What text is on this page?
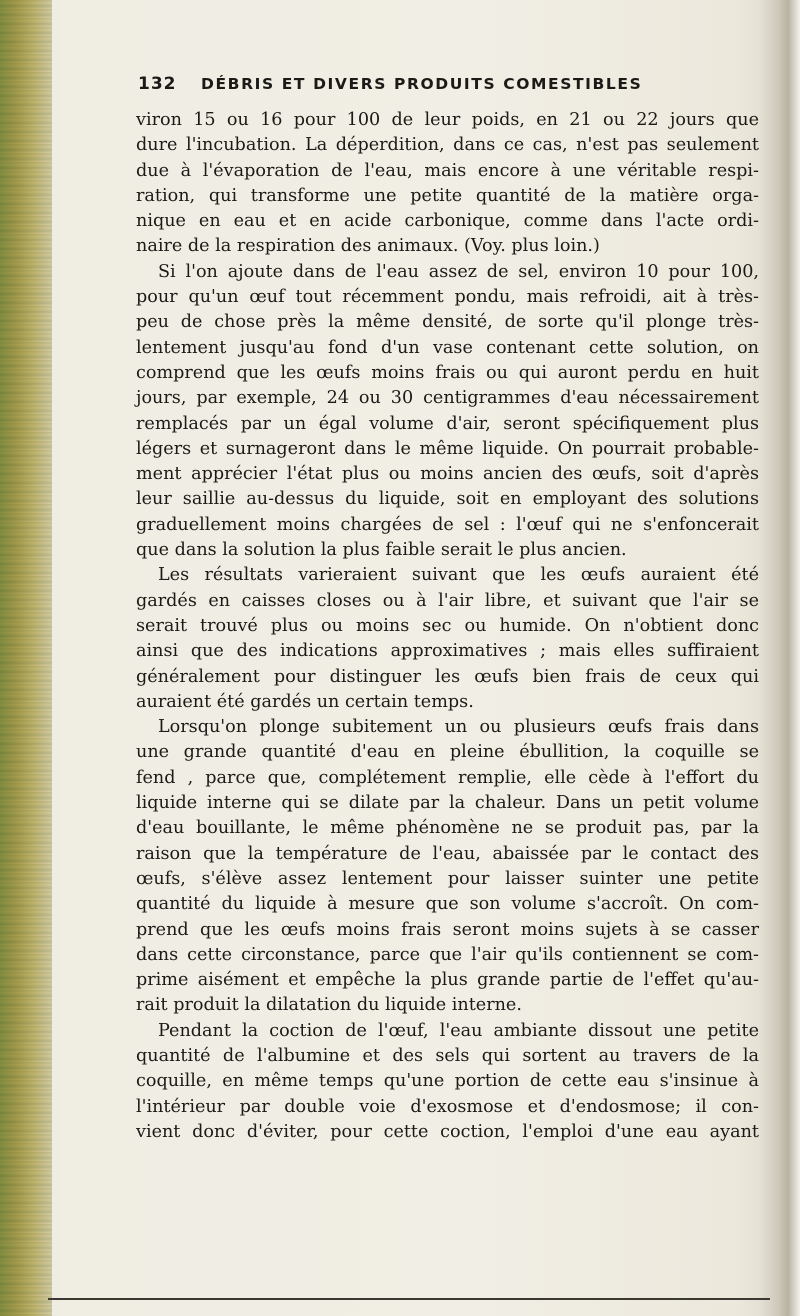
132 DÉBRIS ET DIVERS PRODUITS COMESTIBLES
viron 15 ou 16 pour 100 de leur poids, en 21 ou 22 jours que
dure l'incubation. La déperdition, dans ce cas, n'est pas seulement
due à l'évaporation de l'eau, mais encore à une véritable respi-
ration, qui transforme une petite quantité de la matière orga-
nique en eau et en acide carbonique, comme dans l'acte ordi-
naire de la respiration des animaux. (Voy. plus loin.)
Si l'on ajoute dans de l'eau assez de sel, environ 10 pour 100,
pour qu'un œuf tout récemment pondu, mais refroidi, ait à très-
peu de chose près la même densité, de sorte qu'il plonge très-
lentement jusqu'au fond d'un vase contenant cette solution, on
comprend que les œufs moins frais ou qui auront perdu en huit
jours, par exemple, 24 ou 30 centigrammes d'eau nécessairement
remplacés par un égal volume d'air, seront spécifiquement plus
légers et surnageront dans le même liquide. On pourrait probable-
ment apprécier l'état plus ou moins ancien des œufs, soit d'après
leur saillie au-dessus du liquide, soit en employant des solutions
graduellement moins chargées de sel : l'œuf qui ne s'enfoncerait
que dans la solution la plus faible serait le plus ancien.
Les résultats varieraient suivant que les œufs auraient été
gardés en caisses closes ou à l'air libre, et suivant que l'air se
serait trouvé plus ou moins sec ou humide. On n'obtient donc
ainsi que des indications approximatives ; mais elles suffiraient
généralement pour distinguer les œufs bien frais de ceux qui
auraient été gardés un certain temps.
Lorsqu'on plonge subitement un ou plusieurs œufs frais dans
une grande quantité d'eau en pleine ébullition, la coquille se
fend , parce que, complétement remplie, elle cède à l'effort du
liquide interne qui se dilate par la chaleur. Dans un petit volume
d'eau bouillante, le même phénomène ne se produit pas, par la
raison que la température de l'eau, abaissée par le contact des
œufs, s'élève assez lentement pour laisser suinter une petite
quantité du liquide à mesure que son volume s'accroît. On com-
prend que les œufs moins frais seront moins sujets à se casser
dans cette circonstance, parce que l'air qu'ils contiennent se com-
prime aisément et empêche la plus grande partie de l'effet qu'au-
rait produit la dilatation du liquide interne.
Pendant la coction de l'œuf, l'eau ambiante dissout une petite
quantité de l'albumine et des sels qui sortent au travers de la
coquille, en même temps qu'une portion de cette eau s'insinue à
l'intérieur par double voie d'exosmose et d'endosmose; il con-
vient donc d'éviter, pour cette coction, l'emploi d'une eau ayant
